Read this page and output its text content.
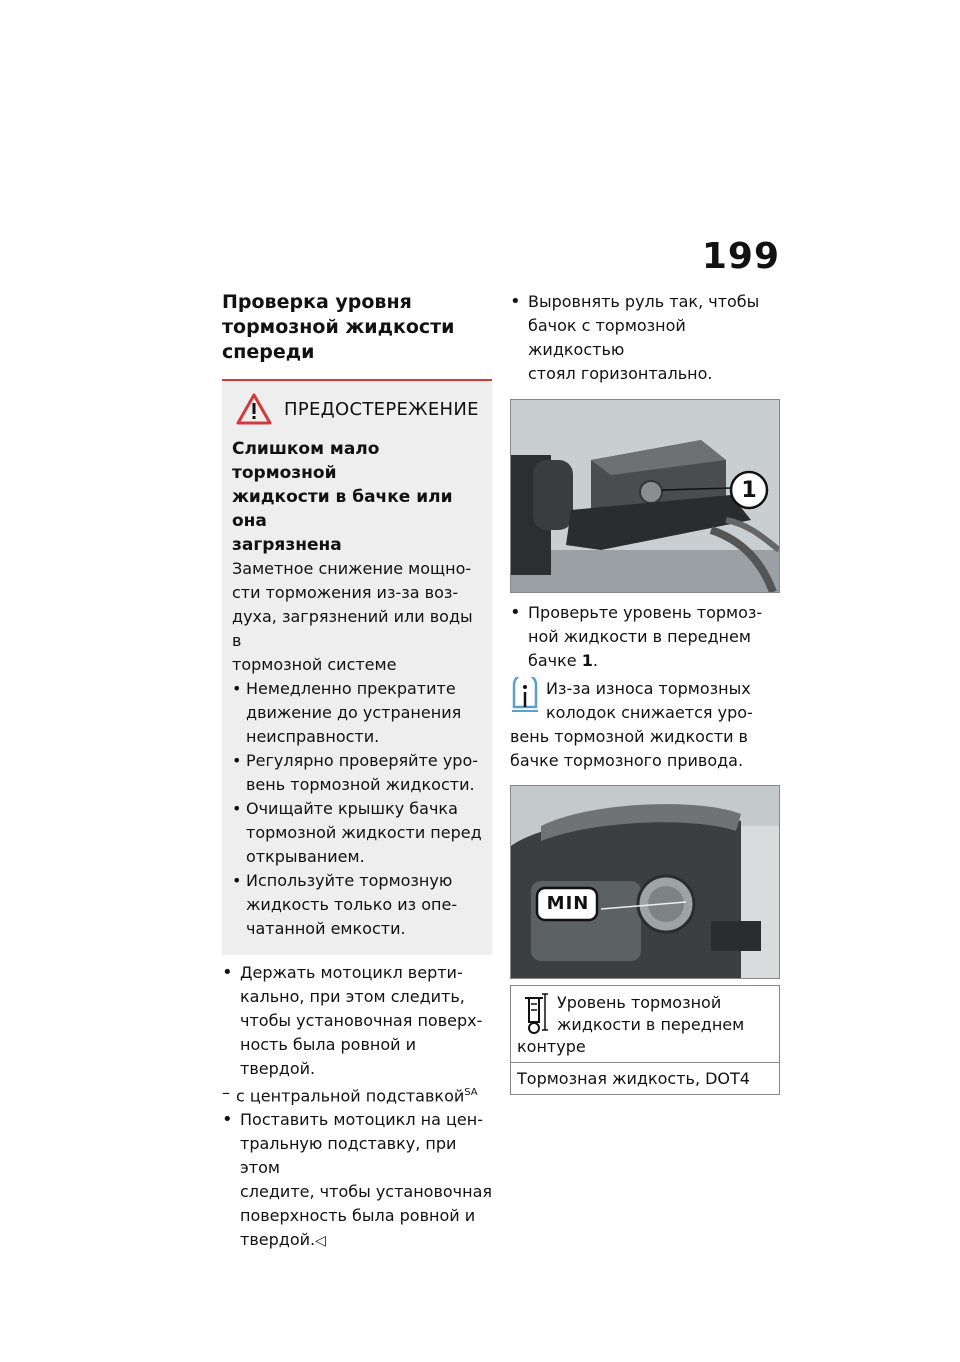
199
Проверка уровня
тормозной жидкости
спереди
ПРЕДОСТЕРЕЖЕНИЕ
Слишком мало тормозной
жидкости в бачке или она
загрязнена
Заметное снижение мощно-
сти торможения из-за воз-
духа, загрязнений или воды в
тормозной системе
• Немедленно прекратите
движение до устранения
неисправности.
• Регулярно проверяйте уро-
вень тормозной жидкости.
• Очищайте крышку бачка
тормозной жидкости перед
открыванием.
• Используйте тормозную
жидкость только из опе-
чатанной емкости.
• Держать мотоцикл верти-
кально, при этом следить,
чтобы установочная поверх-
ность была ровной и твердой.
– с центральной подставкой$^{SA}$
• Поставить мотоцикл на цен-
тральную подставку, при этом
следите, чтобы установочная
поверхность была ровной и
твердой.◁
• Выровнять руль так, чтобы
бачок с тормозной жидкостью
стоял горизонтально.
1
• Проверьте уровень тормоз-
ной жидкости в переднем
бачке 1.
Из-за износа тормозных
колодок снижается уро-
вень тормозной жидкости в
бачке тормозного привода.
MIN
Уровень тормозной
жидкости в переднем
контуре
Тормозная жидкость, DOT4
